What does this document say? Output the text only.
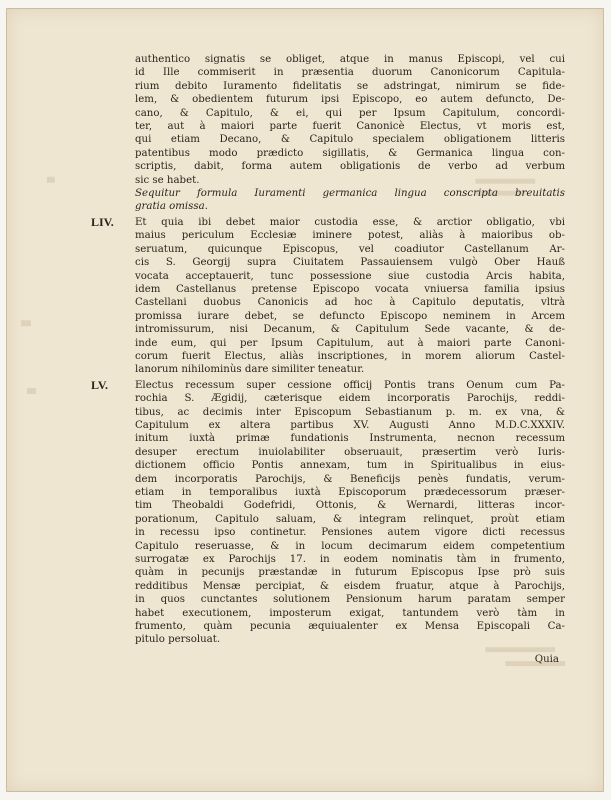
authentico signatis se obliget, atque in manus Episcopi, vel cui
id Ille commiserit in præsentia duorum Canonicorum Capitula-
rium debito Iuramento fidelitatis se adstringat, nimirum se fide-
lem, & obedientem futurum ipsi Episcopo, eo autem defuncto, De-
cano, & Capitulo, & ei, qui per Ipsum Capitulum, concordi-
ter, aut à maiori parte fuerit Canonicè Electus, vt moris est,
qui etiam Decano, & Capitulo specialem obligationem litteris
patentibus modo prædicto sigillatis, & Germanica lingua con-
scriptis, dabit, forma autem obligationis de verbo ad verbum
sic se habet.
Sequitur formula Iuramenti germanica lingua conscripta breuitatis
gratia omissa.
LIV. Et quia ibi debet maior custodia esse, & arctior obligatio, vbi
maius periculum Ecclesiæ iminere potest, aliàs à maioribus ob-
seruatum, quicunque Episcopus, vel coadiutor Castellanum Ar-
cis S. Georgij supra Ciuitatem Passauiensem vulgò Ober Hauß
vocata acceptauerit, tunc possessione siue custodia Arcis habita,
idem Castellanus pretense Episcopo vocata vniuersa familia ipsius
Castellani duobus Canonicis ad hoc à Capitulo deputatis, vltrà
promissa iurare debet, se defuncto Episcopo neminem in Arcem
intromissurum, nisi Decanum, & Capitulum Sede vacante, & de-
inde eum, qui per Ipsum Capitulum, aut à maiori parte Canoni-
corum fuerit Electus, aliàs inscriptiones, in morem aliorum Castel-
lanorum nihilominùs dare similiter teneatur.
LV.	Electus recessum super cessione officij Pontis trans Oenum cum Pa-
rochia S. Ægidij, cæterisque eidem incorporatis Parochijs, reddi-
tibus, ac decimis inter Episcopum Sebastianum p. m. ex vna, &
Capitulum ex altera partibus XV. Augusti Anno M.D.C.XXXIV.
initum iuxtà primæ fundationis Instrumenta, necnon recessum
desuper erectum inuiolabiliter obseruauit, præsertim verò Iuris-
dictionem officio Pontis annexam, tum in Spiritualibus in eius-
dem incorporatis Parochijs, & Beneficijs penès fundatis, verum-
etiam in temporalibus iuxtà Episcoporum prædecessorum præser-
tim Theobaldi Godefridi, Ottonis, & Wernardi, litteras incor-
porationum, Capitulo saluam, & integram relinquet, proùt etiam
in recessu ipso continetur. Pensiones autem vigore dicti recessus
Capitulo reseruasse, & in locum decimarum eidem competentium
surrogatæ ex Parochijs 17. in eodem nominatis tàm in frumento,
quàm in pecunijs præstandæ in futurum Episcopus Ipse prò suis
redditibus Mensæ percipiat, & eisdem fruatur, atque à Parochijs,
in quos cunctantes solutionem Pensionum harum paratam semper
habet executionem, imposterum exigat, tantundem verò tàm in
frumento, quàm pecunia æquiualenter ex Mensa Episcopali Ca-
pitulo persoluat.
Quia
